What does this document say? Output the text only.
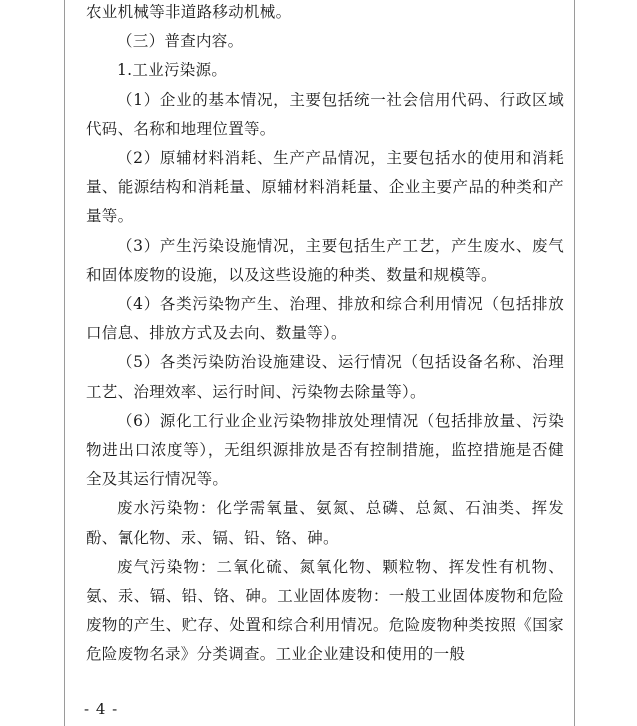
农业机械等非道路移动机械。

（三）普查内容。

1.工业污染源。

（1）企业的基本情况，主要包括统一社会信用代码、行政区域代码、名称和地理位置等。

（2）原辅材料消耗、生产产品情况，主要包括水的使用和消耗量、能源结构和消耗量、原辅材料消耗量、企业主要产品的种类和产量等。

（3）产生污染设施情况，主要包括生产工艺，产生废水、废气和固体废物的设施，以及这些设施的种类、数量和规模等。

（4）各类污染物产生、治理、排放和综合利用情况（包括排放口信息、排放方式及去向、数量等）。

（5）各类污染防治设施建设、运行情况（包括设备名称、治理工艺、治理效率、运行时间、污染物去除量等）。

（6）源化工行业企业污染物排放处理情况（包括排放量、污染物进出口浓度等），无组织源排放是否有控制措施，监控措施是否健全及其运行情况等。

废水污染物：化学需氧量、氨氮、总磷、总氮、石油类、挥发酚、氰化物、汞、镉、铅、铬、砷。

废气污染物：二氧化硫、氮氧化物、颗粒物、挥发性有机物、氨、汞、镉、铅、铬、砷。工业固体废物：一般工业固体废物和危险废物的产生、贮存、处置和综合利用情况。危险废物种类按照《国家危险废物名录》分类调查。工业企业建设和使用的一般

- 4 -
